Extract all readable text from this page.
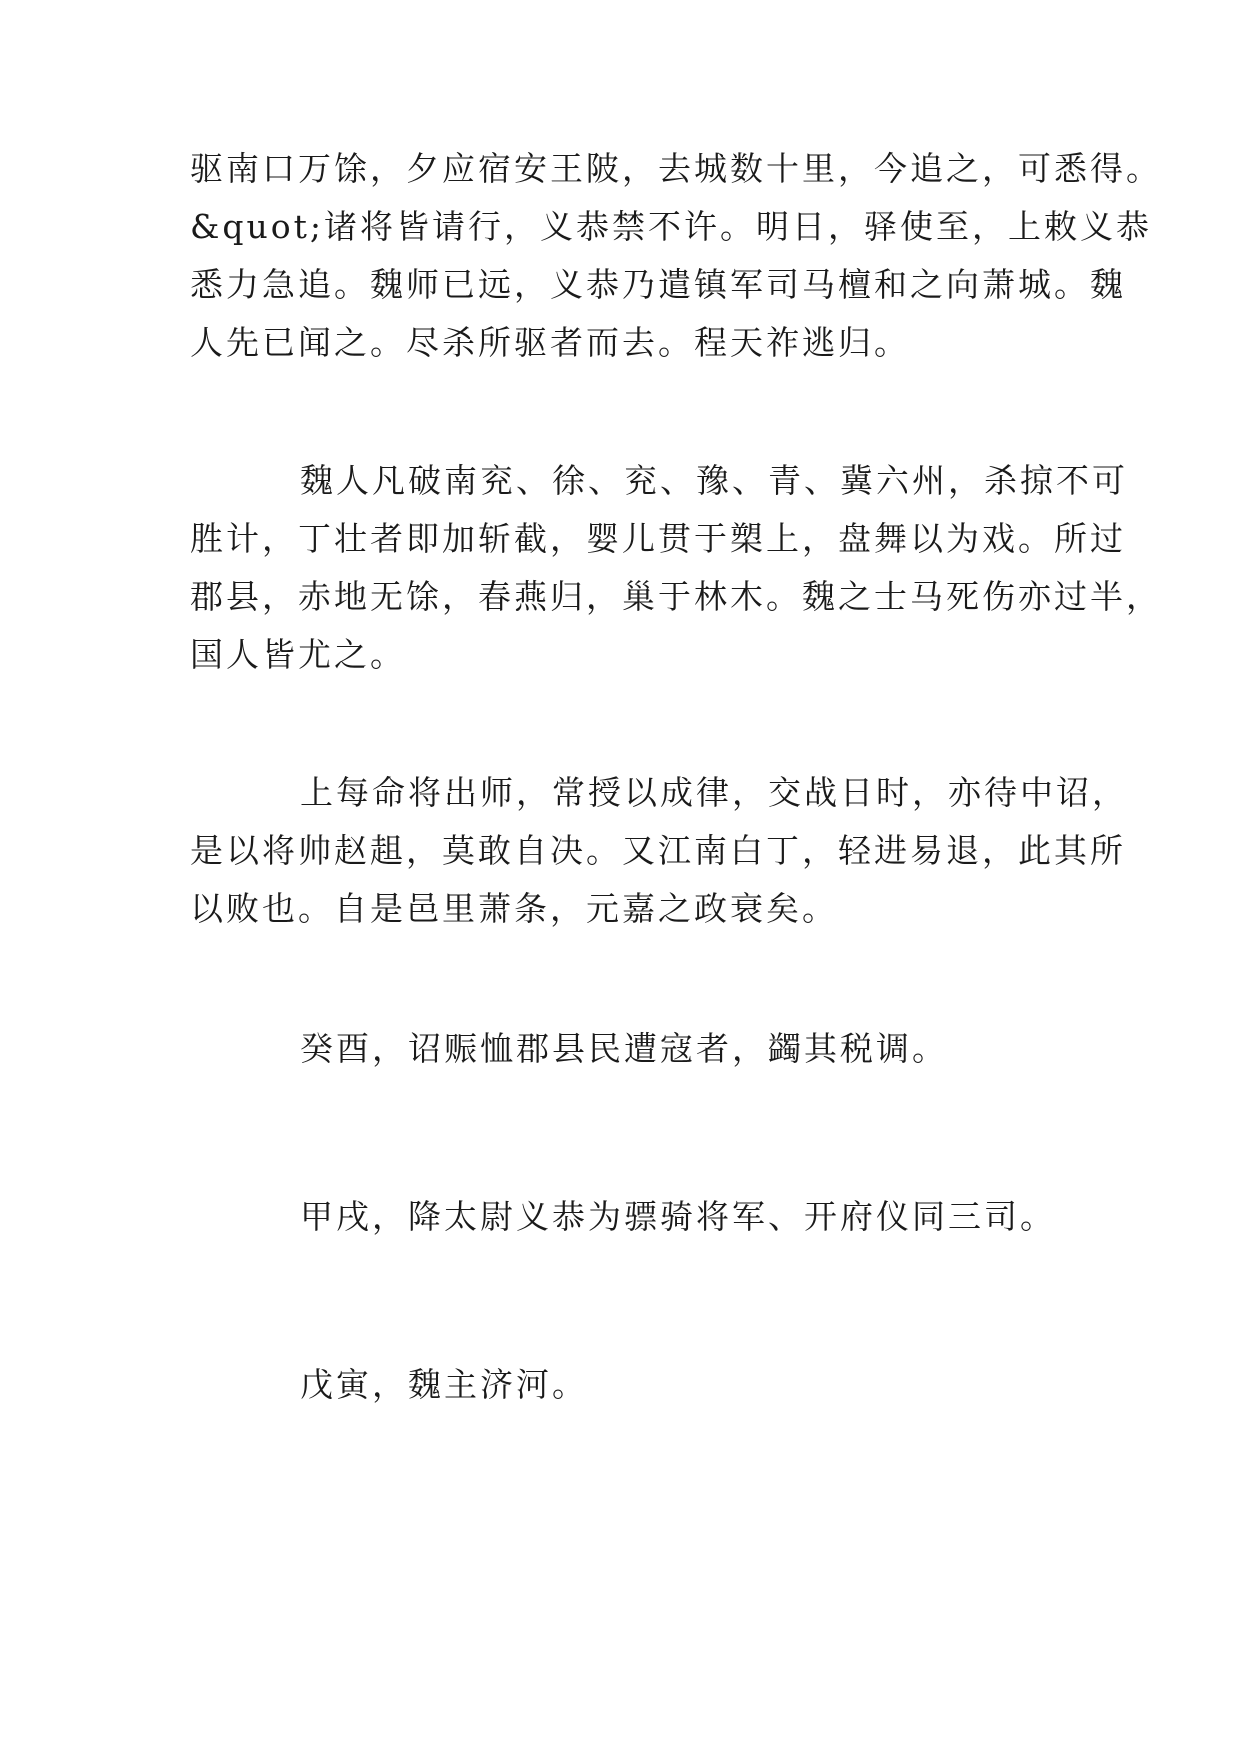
驱南口万馀，夕应宿安王陂，去城数十里，今追之，可悉得。
&quot;诸将皆请行，义恭禁不许。明日，驿使至，上敕义恭
悉力急追。魏师已远，义恭乃遣镇军司马檀和之向萧城。魏
人先已闻之。尽杀所驱者而去。程天祚逃归。
魏人凡破南兖、徐、兖、豫、青、冀六州，杀掠不可
胜计，丁壮者即加斩截，婴儿贯于槊上，盘舞以为戏。所过
郡县，赤地无馀，春燕归，巢于林木。魏之士马死伤亦过半，
国人皆尤之。
上每命将出师，常授以成律，交战日时，亦待中诏，
是以将帅赵趄，莫敢自决。又江南白丁，轻进易退，此其所
以败也。自是邑里萧条，元嘉之政衰矣。
癸酉，诏赈恤郡县民遭寇者，蠲其税调。
甲戌，降太尉义恭为骠骑将军、开府仪同三司。
戊寅，魏主济河。
